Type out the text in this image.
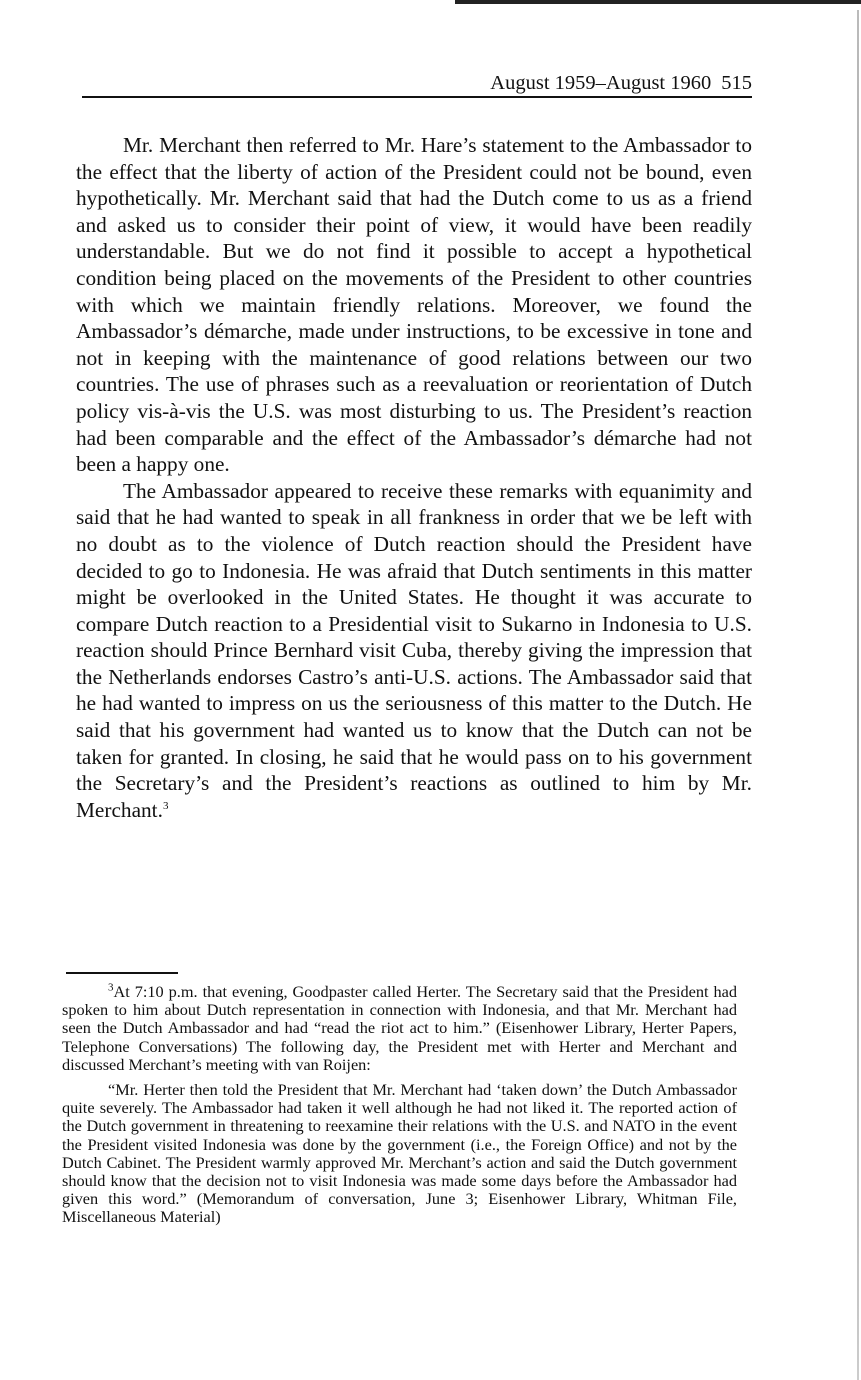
August 1959–August 1960 515

Mr. Merchant then referred to Mr. Hare’s statement to the Ambassador to the effect that the liberty of action of the President could not be bound, even hypothetically. Mr. Merchant said that had the Dutch come to us as a friend and asked us to consider their point of view, it would have been readily understandable. But we do not find it possible to accept a hypothetical condition being placed on the movements of the President to other countries with which we maintain friendly relations. Moreover, we found the Ambassador’s démarche, made under instructions, to be excessive in tone and not in keeping with the maintenance of good relations between our two countries. The use of phrases such as a reevaluation or reorientation of Dutch policy vis-à-vis the U.S. was most disturbing to us. The President’s reaction had been comparable and the effect of the Ambassador’s démarche had not been a happy one.

The Ambassador appeared to receive these remarks with equanimity and said that he had wanted to speak in all frankness in order that we be left with no doubt as to the violence of Dutch reaction should the President have decided to go to Indonesia. He was afraid that Dutch sentiments in this matter might be overlooked in the United States. He thought it was accurate to compare Dutch reaction to a Presidential visit to Sukarno in Indonesia to U.S. reaction should Prince Bernhard visit Cuba, thereby giving the impression that the Netherlands endorses Castro’s anti-U.S. actions. The Ambassador said that he had wanted to impress on us the seriousness of this matter to the Dutch. He said that his government had wanted us to know that the Dutch can not be taken for granted. In closing, he said that he would pass on to his government the Secretary’s and the President’s reactions as outlined to him by Mr. Merchant.$^3$

$^3$At 7:10 p.m. that evening, Goodpaster called Herter. The Secretary said that the President had spoken to him about Dutch representation in connection with Indonesia, and that Mr. Merchant had seen the Dutch Ambassador and had “read the riot act to him.” (Eisenhower Library, Herter Papers, Telephone Conversations) The following day, the President met with Herter and Merchant and discussed Merchant’s meeting with van Roijen:

“Mr. Herter then told the President that Mr. Merchant had ‘taken down’ the Dutch Ambassador quite severely. The Ambassador had taken it well although he had not liked it. The reported action of the Dutch government in threatening to reexamine their relations with the U.S. and NATO in the event the President visited Indonesia was done by the government (i.e., the Foreign Office) and not by the Dutch Cabinet. The President warmly approved Mr. Merchant’s action and said the Dutch government should know that the decision not to visit Indonesia was made some days before the Ambassador had given this word.” (Memorandum of conversation, June 3; Eisenhower Library, Whitman File, Miscellaneous Material)
